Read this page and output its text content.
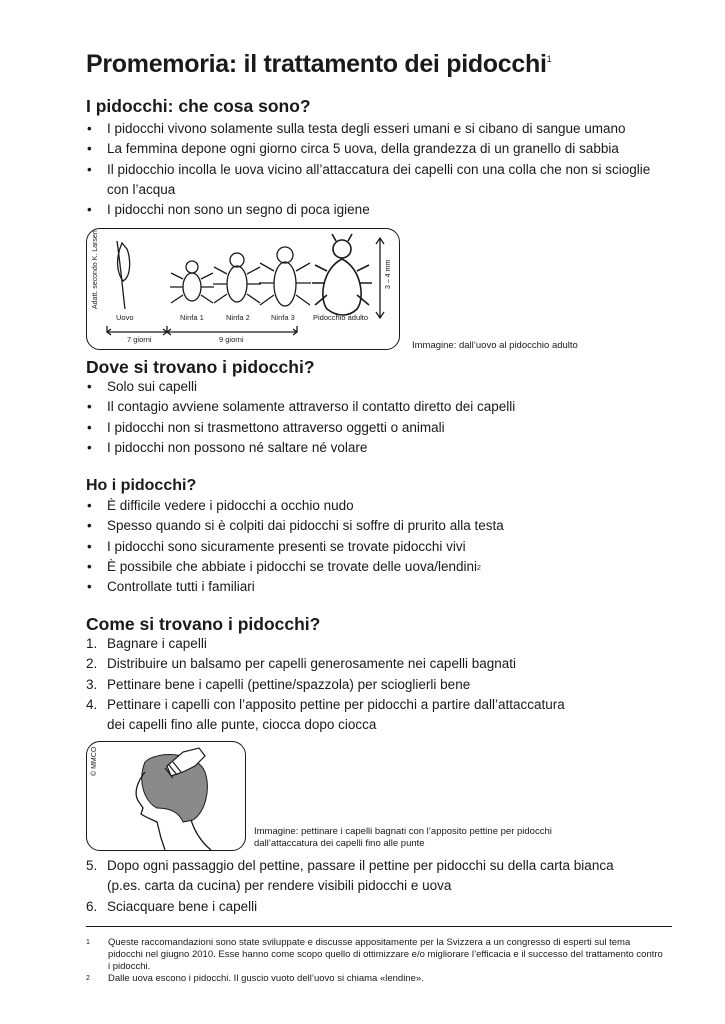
Promemoria: il trattamento dei pidocchi$^1$
I pidocchi: che cosa sono?
• I pidocchi vivono solamente sulla testa degli esseri umani e si cibano di sangue umano
• La femmina depone ogni giorno circa 5 uova, della grandezza di un granello di sabbia
• Il pidocchio incolla le uova vicino all’attaccatura dei capelli con una colla che non si scioglie con l’acqua
• I pidocchi non sono un segno di poca igiene
Adatt. secondo K. Larsen
Uovo	Ninfa 1	Ninfa 2	Ninfa 3 Pidocchio adulto
7 giorni	9 giorni
3 – 4 mm
Immagine: dall’uovo al pidocchio adulto
Dove si trovano i pidocchi?
• Solo sui capelli
• Il contagio avviene solamente attraverso il contatto diretto dei capelli
• I pidocchi non si trasmettono attraverso oggetti o animali
• I pidocchi non possono né saltare né volare
Ho i pidocchi?
• È difficile vedere i pidocchi a occhio nudo
• Spesso quando si è colpiti dai pidocchi si soffre di prurito alla testa
• I pidocchi sono sicuramente presenti se trovate pidocchi vivi
• È possibile che abbiate i pidocchi se trovate delle uova/lendini$^2$
• Controllate tutti i familiari
Come si trovano i pidocchi?
1. Bagnare i capelli
2. Distribuire un balsamo per capelli generosamente nei capelli bagnati
3. Pettinare bene i capelli (pettine/spazzola) per scioglierli bene
4. Pettinare i capelli con l’apposito pettine per pidocchi a partire dall’attaccatura dei capelli fino alle punte, ciocca dopo ciocca
© MMCO
Immagine: pettinare i capelli bagnati con l’apposito pettine per pidocchi dall’attaccatura dei capelli fino alle punte
5. Dopo ogni passaggio del pettine, passare il pettine per pidocchi su della carta bianca (p.es. carta da cucina) per rendere visibili pidocchi e uova
6. Sciacquare bene i capelli
1 Queste raccomandazioni sono state sviluppate e discusse appositamente per la Svizzera a un congresso di esperti sul tema pidocchi nel giugno 2010. Esse hanno come scopo quello di ottimizzare e/o migliorare l’efficacia e il successo del trattamento contro i pidocchi.
2 Dalle uova escono i pidocchi. Il guscio vuoto dell’uovo si chiama «lendine».
